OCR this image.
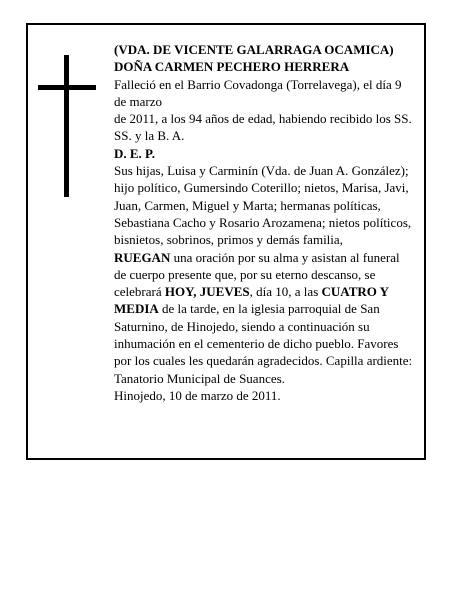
(VDA. DE VICENTE GALARRAGA OCAMICA)

DOÑA CARMEN PECHERO HERRERA

Falleció en el Barrio Covadonga (Torrelavega), el día 9 de marzo

de 2011, a los 94 años de edad, habiendo recibido los SS. SS. y la B. A.

D. E. P.

Sus hijas, Luisa y Carminín (Vda. de Juan A. González); hijo político, Gumersindo Coterillo; nietos, Marisa, Javi, Juan, Carmen, Miguel y Marta; hermanas políticas, Sebastiana Cacho y Rosario Arozamena; nietos políticos, bisnietos, sobrinos, primos y demás familia,

RUEGAN una oración por su alma y asistan al funeral de cuerpo presente que, por su eterno descanso, se celebrará HOY, JUEVES, día 10, a las CUATRO Y MEDIA de la tarde, en la iglesia parroquial de San Saturnino, de Hinojedo, siendo a continuación su inhumación en el cementerio de dicho pueblo. Favores por los cuales les quedarán agradecidos. Capilla ardiente: Tanatorio Municipal de Suances.

Hinojedo, 10 de marzo de 2011.
